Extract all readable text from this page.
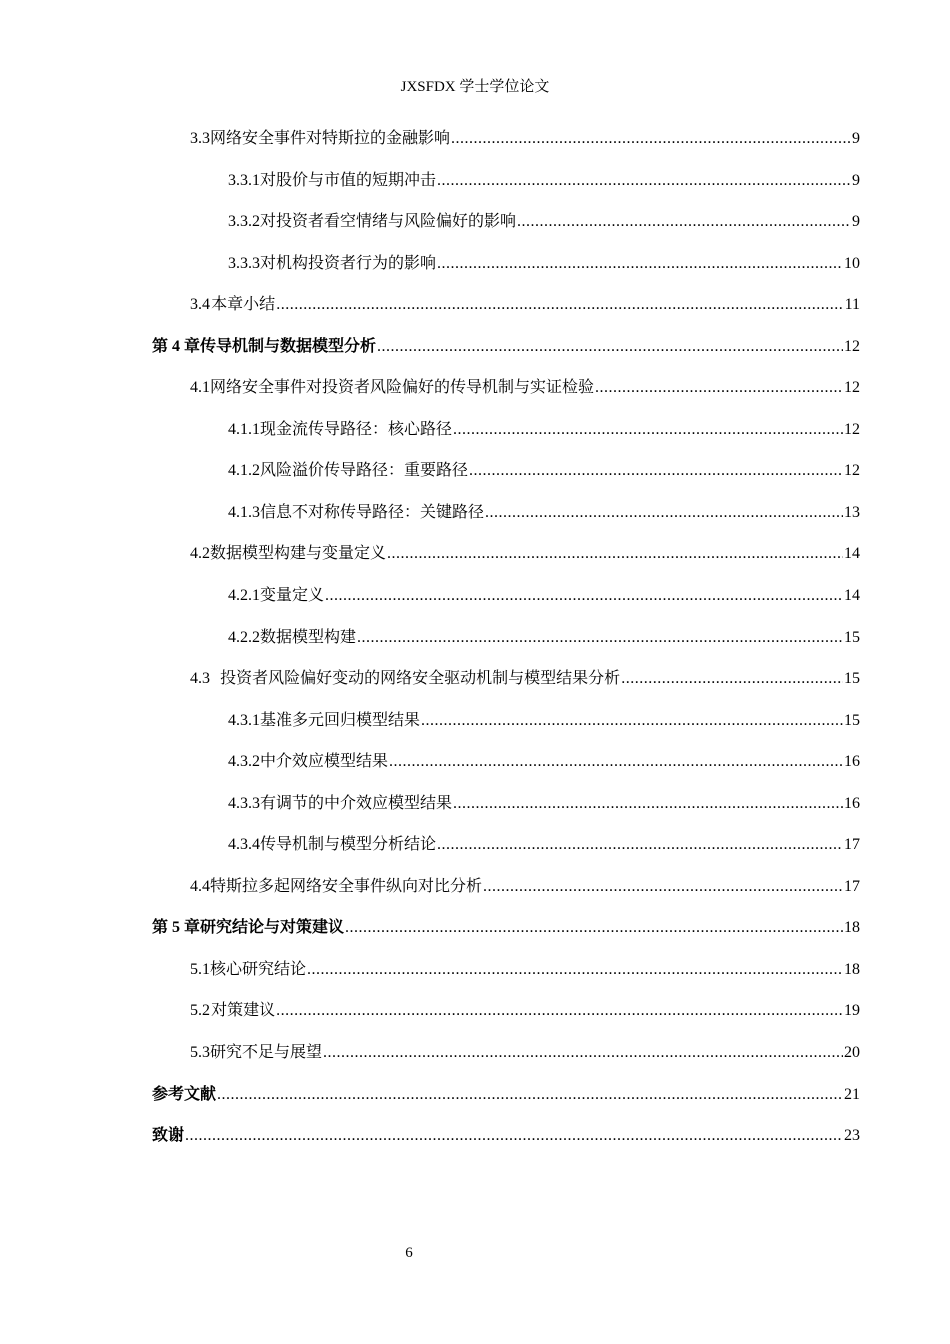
JXSFDX 学士学位论文
3.3 网络安全事件对特斯拉的金融影响 .....	9
3.3.1 对股价与市值的短期冲击 .....	9
3.3.2 对投资者看空情绪与风险偏好的影响 .....	9
3.3.3 对机构投资者行为的影响 .....	10
3.4 本章小结 .....	11
第 4 章 传导机制与数据模型分析 .....	12
4.1 网络安全事件对投资者风险偏好的传导机制与实证检验 .....	12
4.1.1 现金流传导路径：核心路径 .....	12
4.1.2 风险溢价传导路径：重要路径 .....	12
4.1.3 信息不对称传导路径：关键路径 .....	13
4.2 数据模型构建与变量定义 .....	14
4.2.1 变量定义 .....	14
4.2.2 数据模型构建 .....	15
4.3 投资者风险偏好变动的网络安全驱动机制与模型结果分析 .....	15
4.3.1 基准多元回归模型结果 .....	15
4.3.2 中介效应模型结果 .....	16
4.3.3 有调节的中介效应模型结果 .....	16
4.3.4 传导机制与模型分析结论 .....	17
4.4 特斯拉多起网络安全事件纵向对比分析 .....	17
第 5 章 研究结论与对策建议 .....	18
5.1 核心研究结论 .....	18
5.2 对策建议 .....	19
5.3 研究不足与展望 .....	20
参考文献 .....	21
致谢 .....	23
6
